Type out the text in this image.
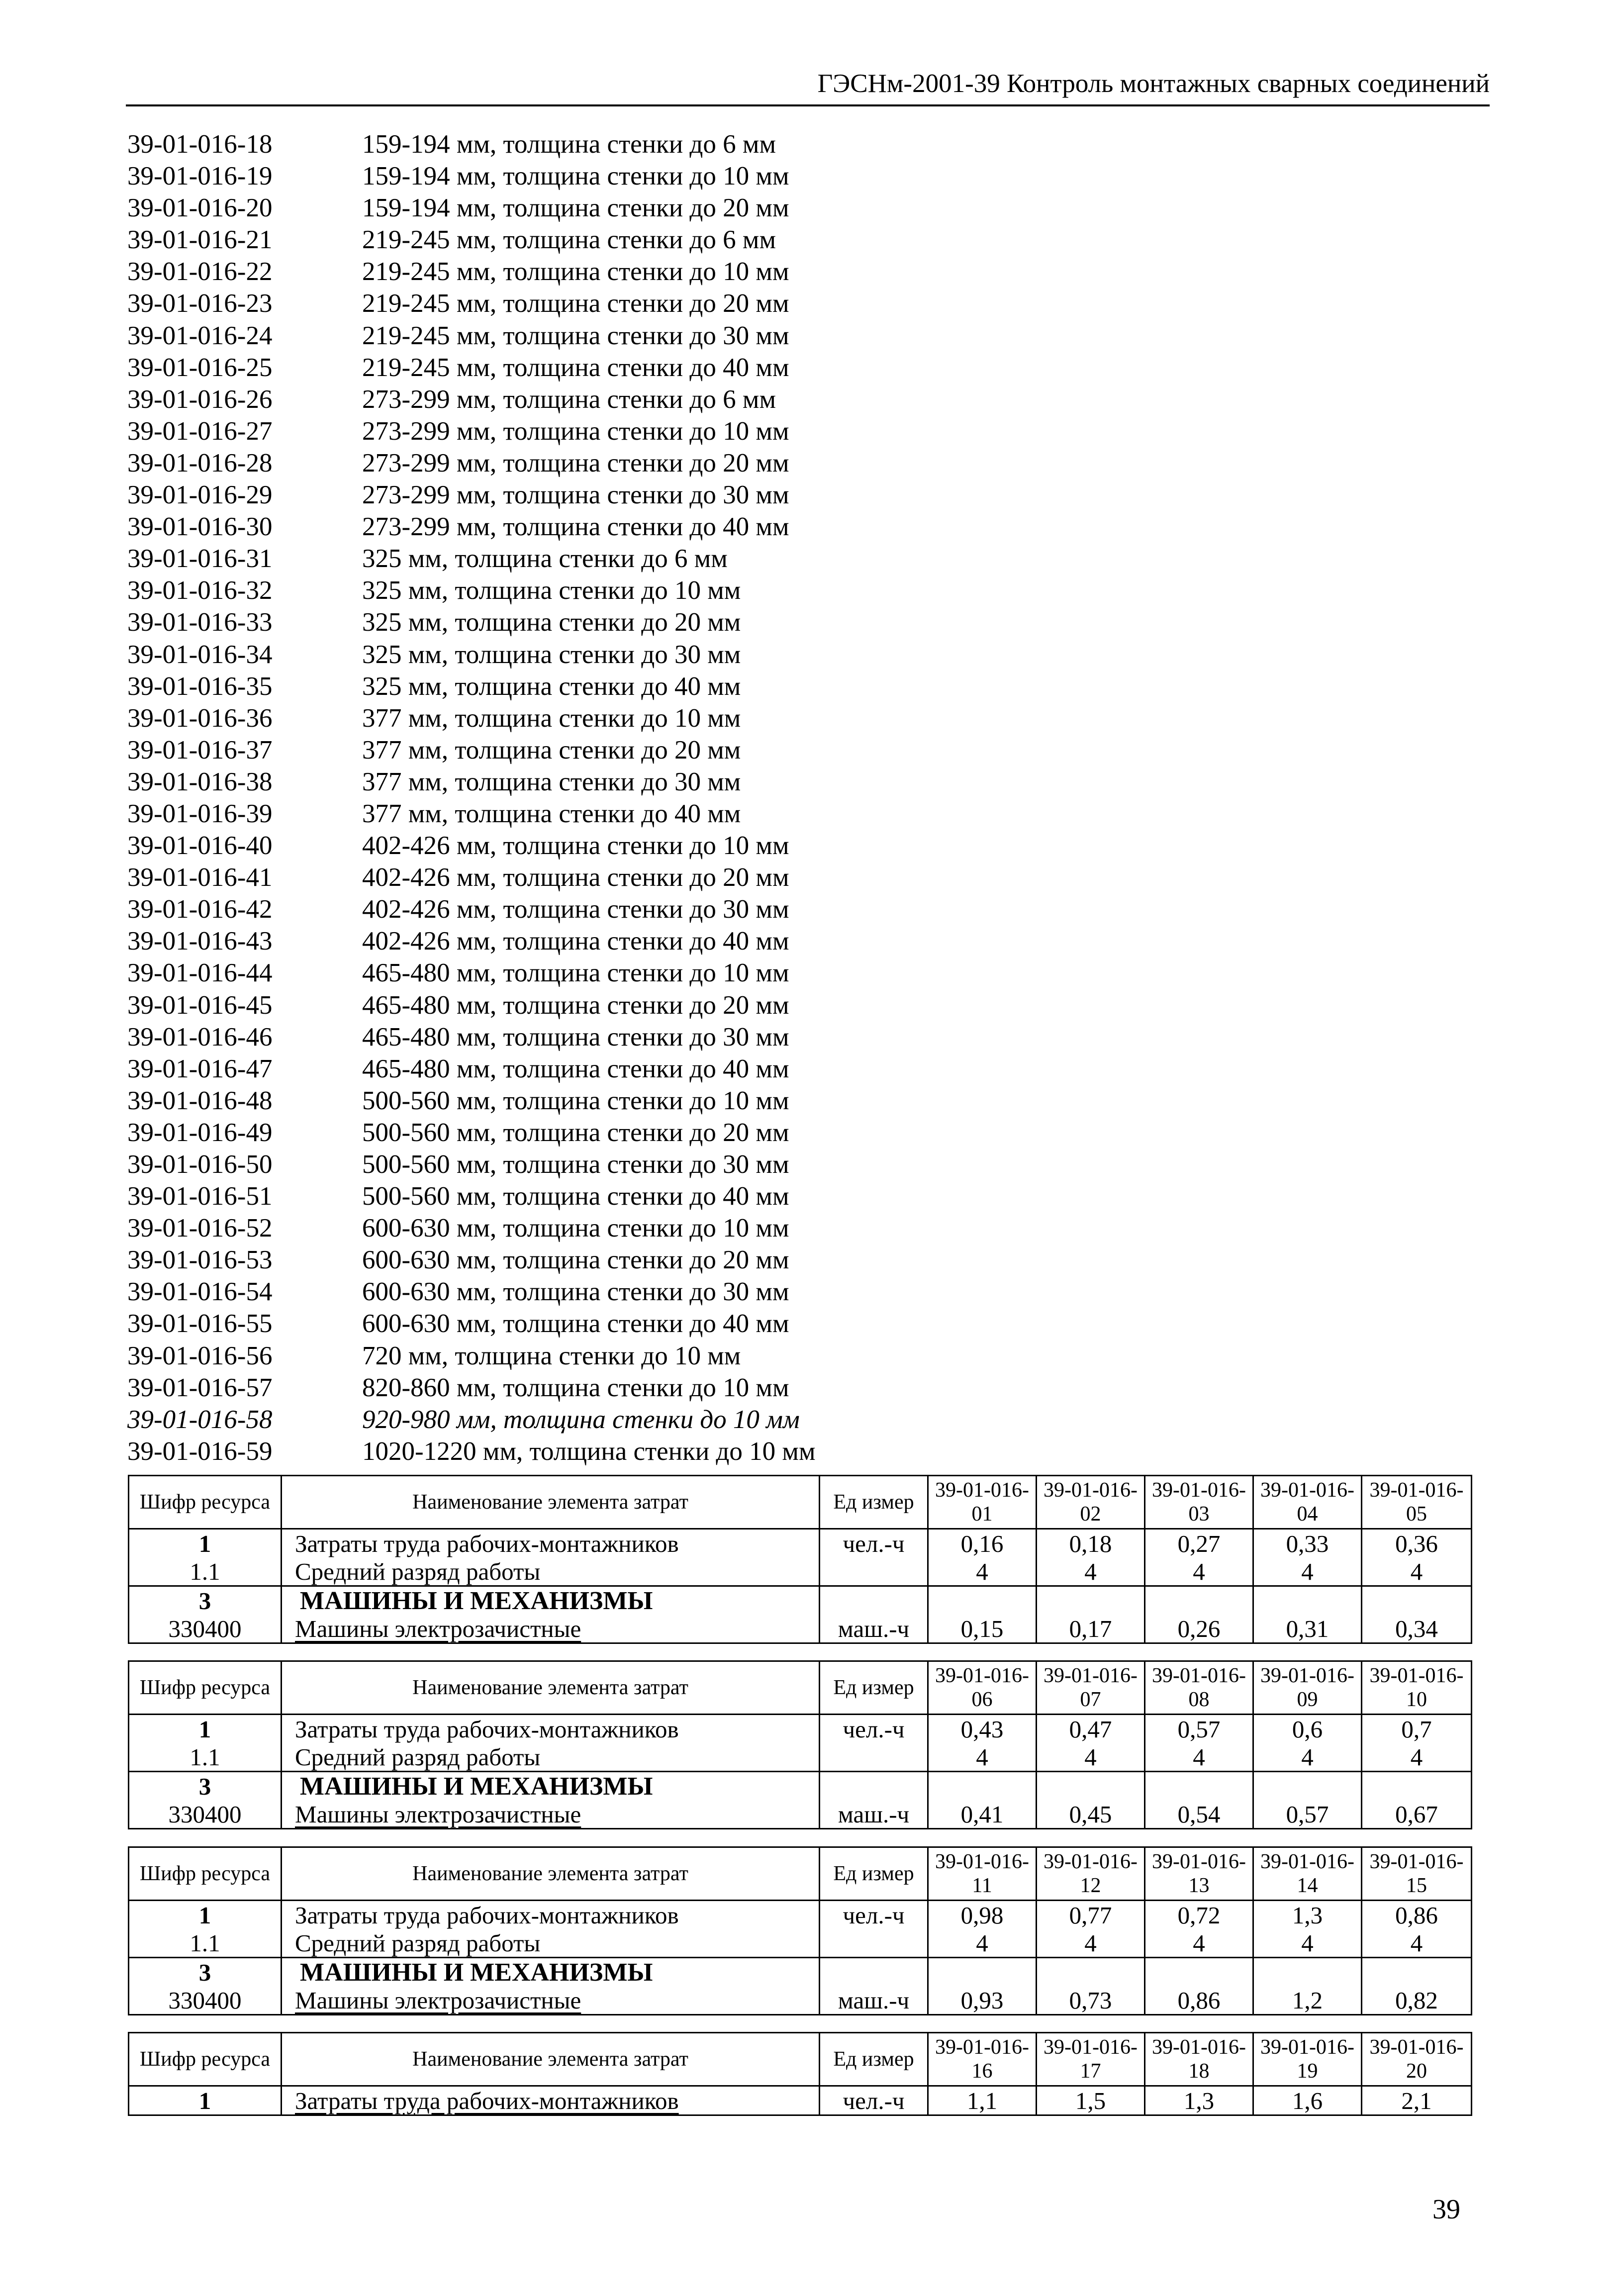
ГЭСНм-2001-39 Контроль монтажных сварных соединений
39-01-016-18	159-194 мм, толщина стенки до 6 мм
39-01-016-19	159-194 мм, толщина стенки до 10 мм
39-01-016-20	159-194 мм, толщина стенки до 20 мм
39-01-016-21	219-245 мм, толщина стенки до 6 мм
39-01-016-22	219-245 мм, толщина стенки до 10 мм
39-01-016-23	219-245 мм, толщина стенки до 20 мм
39-01-016-24	219-245 мм, толщина стенки до 30 мм
39-01-016-25	219-245 мм, толщина стенки до 40 мм
39-01-016-26	273-299 мм, толщина стенки до 6 мм
39-01-016-27	273-299 мм, толщина стенки до 10 мм
39-01-016-28	273-299 мм, толщина стенки до 20 мм
39-01-016-29	273-299 мм, толщина стенки до 30 мм
39-01-016-30	273-299 мм, толщина стенки до 40 мм
39-01-016-31	325 мм, толщина стенки до 6 мм
39-01-016-32	325 мм, толщина стенки до 10 мм
39-01-016-33	325 мм, толщина стенки до 20 мм
39-01-016-34	325 мм, толщина стенки до 30 мм
39-01-016-35	325 мм, толщина стенки до 40 мм
39-01-016-36	377 мм, толщина стенки до 10 мм
39-01-016-37	377 мм, толщина стенки до 20 мм
39-01-016-38	377 мм, толщина стенки до 30 мм
39-01-016-39	377 мм, толщина стенки до 40 мм
39-01-016-40	402-426 мм, толщина стенки до 10 мм
39-01-016-41	402-426 мм, толщина стенки до 20 мм
39-01-016-42	402-426 мм, толщина стенки до 30 мм
39-01-016-43	402-426 мм, толщина стенки до 40 мм
39-01-016-44	465-480 мм, толщина стенки до 10 мм
39-01-016-45	465-480 мм, толщина стенки до 20 мм
39-01-016-46	465-480 мм, толщина стенки до 30 мм
39-01-016-47	465-480 мм, толщина стенки до 40 мм
39-01-016-48	500-560 мм, толщина стенки до 10 мм
39-01-016-49	500-560 мм, толщина стенки до 20 мм
39-01-016-50	500-560 мм, толщина стенки до 30 мм
39-01-016-51	500-560 мм, толщина стенки до 40 мм
39-01-016-52	600-630 мм, толщина стенки до 10 мм
39-01-016-53	600-630 мм, толщина стенки до 20 мм
39-01-016-54	600-630 мм, толщина стенки до 30 мм
39-01-016-55	600-630 мм, толщина стенки до 40 мм
39-01-016-56	720 мм, толщина стенки до 10 мм
39-01-016-57	820-860 мм, толщина стенки до 10 мм
39-01-016-58	920-980 мм, толщина стенки до 10 мм
39-01-016-59	1020-1220 мм, толщина стенки до 10 мм
Шифр ресурса	Наименование элемента затрат	Ед измер	39-01-016-01	39-01-016-02	39-01-016-03	39-01-016-04	39-01-016-05
1	Затраты труда рабочих-монтажников	чел.-ч	0,16	0,18	0,27	0,33	0,36
1.1	Средний разряд работы		4	4	4	4	4
3	МАШИНЫ И МЕХАНИЗМЫ						
330400	Машины электрозачистные	маш.-ч	0,15	0,17	0,26	0,31	0,34
Шифр ресурса	Наименование элемента затрат	Ед измер	39-01-016-06	39-01-016-07	39-01-016-08	39-01-016-09	39-01-016-10
1	Затраты труда рабочих-монтажников	чел.-ч	0,43	0,47	0,57	0,6	0,7
1.1	Средний разряд работы		4	4	4	4	4
3	МАШИНЫ И МЕХАНИЗМЫ						
330400	Машины электрозачистные	маш.-ч	0,41	0,45	0,54	0,57	0,67
Шифр ресурса	Наименование элемента затрат	Ед измер	39-01-016-11	39-01-016-12	39-01-016-13	39-01-016-14	39-01-016-15
1	Затраты труда рабочих-монтажников	чел.-ч	0,98	0,77	0,72	1,3	0,86
1.1	Средний разряд работы		4	4	4	4	4
3	МАШИНЫ И МЕХАНИЗМЫ						
330400	Машины электрозачистные	маш.-ч	0,93	0,73	0,86	1,2	0,82
Шифр ресурса	Наименование элемента затрат	Ед измер	39-01-016-16	39-01-016-17	39-01-016-18	39-01-016-19	39-01-016-20
1	Затраты труда рабочих-монтажников	чел.-ч	1,1	1,5	1,3	1,6	2,1
39
